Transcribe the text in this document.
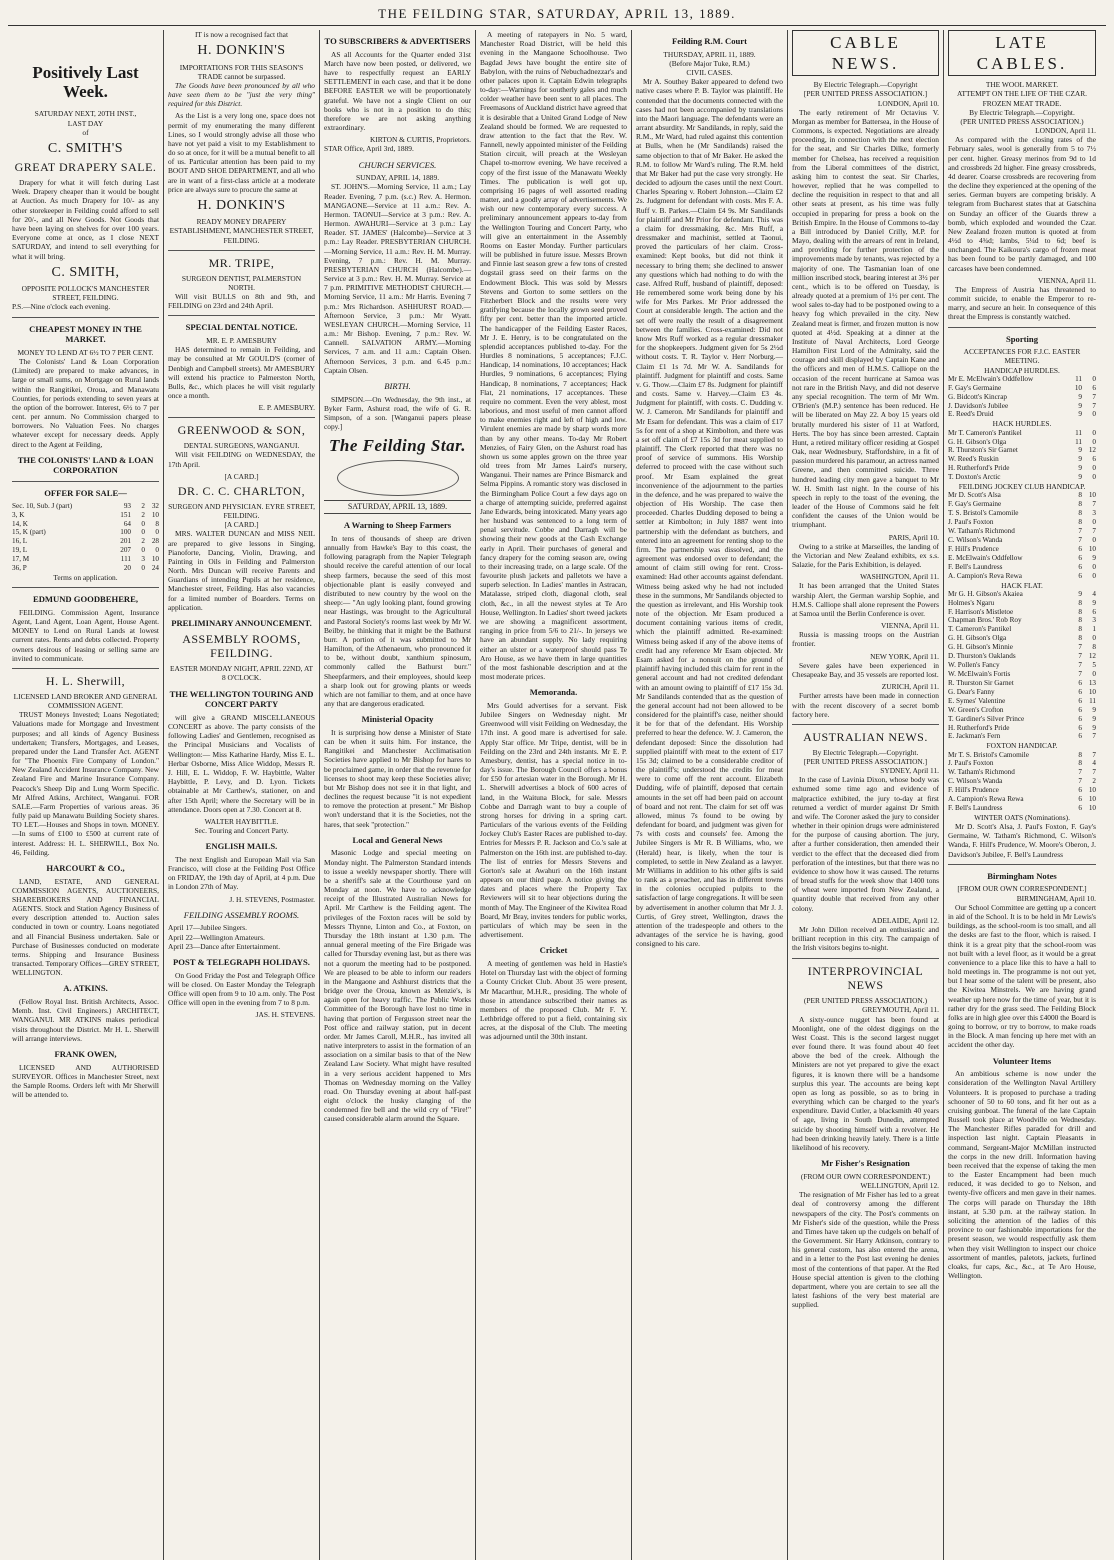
THE FEILDING STAR, SATURDAY, APRIL 13, 1889.
Positively Last Week.
SATURDAY NEXT, 20TH INST.,
LAST DAY
of
C. SMITH'S
GREAT DRAPERY SALE.

Drapery for what it will fetch during Last Week. Drapery cheaper than it would be bought at Auction. As much Drapery for 10/- as any other storekeeper in Feilding could afford to sell for 20/-, and all New Goods. Not Goods that have been laying on shelves for over 100 years. Everyone come at once, as I close NEXT SATURDAY, and intend to sell everything for what it will bring.

C. SMITH,
OPPOSITE POLLOCK'S MANCHESTER STREET, FEILDING.
P.S.—Nine o'clock each evening.
CHEAPEST MONEY IN THE MARKET.
MONEY TO LEND AT 6½ TO 7 PER CENT.

The Colonists' Land & Loan Corporation (Limited) are prepared to make advances, in large or small sums, on Mortgage on Rural lands within the Rangitikei, Oroua, and Manawatu Counties, for periods extending to seven years at the option of the borrower. Interest, 6½ to 7 per cent. per annum. No Commission charged to borrowers. No Valuation Fees. No charges whatever except for necessary deeds. Apply direct to the Agent at Feilding,

THE COLONISTS' LAND & LOAN CORPORATION
OFFER FOR SALE—
Sec. 10, Sub. J (part)	93	2	32
3, K	151	2	10
14, K	64	0	8
15, K (part)	100	0	0
16, L	201	2	28
19, L	207	0	0
17, M	111	3	10
36, P	20	0	24
Terms on application.
EDMUND GOODBEHERE,

FEILDING. Commission Agent, Insurance Agent, Land Agent, Loan Agent, House Agent. MONEY to Lend on Rural Lands at lowest current rates. Rents and debts collected. Property owners desirous of leasing or selling same are invited to communicate.

H. L. Sherwill,
LICENSED LAND BROKER AND GENERAL COMMISSION AGENT.

TRUST Moneys Invested; Loans Negotiated; Valuations made for Mortgage and Investment purposes; and all kinds of Agency Business undertaken; Transfers, Mortgages, and Leases, prepared under the Land Transfer Act. AGENT for "The Phoenix Fire Company of London." New Zealand Accident Insurance Company. New Zealand Fire and Marine Insurance Company. Peacock's Sheep Dip and Lung Worm Specific. Mr Alfred Atkins, Architect, Wanganui. FOR SALE.—Farm Properties of various areas. 36 fully paid up Manawatu Building Society shares. TO LET.—Houses and Shops in town. MONEY.—In sums of £100 to £500 at current rate of interest. Address: H. L. SHERWILL, Box No. 46, Feilding.

HARCOURT & CO.,

LAND, ESTATE, AND GENERAL COMMISSION AGENTS, AUCTIONEERS, SHAREBROKERS AND FINANCIAL AGENTS. Stock and Station Agency Business of every description attended to. Auction sales conducted in town or country. Loans negotiated and all Financial Business undertaken. Sale or Purchase of Businesses conducted on moderate terms. Shipping and Insurance Business transacted. Temporary Offices—GREY STREET, WELLINGTON.

A. ATKINS.

(Fellow Royal Inst. British Architects, Assoc. Memb. Inst. Civil Engineers.) ARCHITECT, WANGANUI. MR ATKINS makes periodical visits throughout the District. Mr H. L. Sherwill will arrange interviews.

FRANK OWEN,

LICENSED AND AUTHORISED SURVEYOR. Offices in Manchester Street, next the Sample Rooms. Orders left with Mr Sherwill will be attended to.

IT is now a recognised fact that
H. DONKIN'S
IMPORTATIONS FOR THIS SEASON'S TRADE cannot be surpassed.

The Goods have been pronounced by all who have seen them to be "just the very thing" required for this District.

As the List is a very long one, space does not permit of my enumerating the many different Lines, so I would strongly advise all those who have not yet paid a visit to my Establishment to do so at once, for it will be a mutual benefit to all of us. Particular attention has been paid to my BOOT AND SHOE DEPARTMENT, and all who are in want of a first-class article at a moderate price are always sure to procure the same at

H. DONKIN'S
READY MONEY DRAPERY ESTABLISHMENT, MANCHESTER STREET, FEILDING.
MR. TRIPE,
SURGEON DENTIST, PALMERSTON NORTH.

Will visit BULLS on 8th and 9th, and FEILDING on 23rd and 24th April.

SPECIAL DENTAL NOTICE.
MR. E. P. AMESBURY

HAS determined to remain in Feilding, and may be consulted at Mr GOULD'S (corner of Denbigh and Campbell streets). Mr AMESBURY will extend his practice to Palmerston North, Bulls, &c., which places he will visit regularly once a month.

E. P. AMESBURY.
GREENWOOD & SON,
DENTAL SURGEONS, WANGANUI.

Will visit FEILDING on WEDNESDAY, the 17th April.

[A CARD.]
DR. C. C. CHARLTON,
SURGEON AND PHYSICIAN. EYRE STREET, FEILDING.
[A CARD.]

MRS. WALTER DUNCAN and MISS NEIL are prepared to give lessons in Singing, Pianoforte, Dancing, Violin, Drawing, and Painting in Oils in Feilding and Palmerston North. Mrs Duncan will receive Parents and Guardians of intending Pupils at her residence, Manchester street, Feilding. Has also vacancies for a limited number of Boarders. Terms on application.

PRELIMINARY ANNOUNCEMENT.
ASSEMBLY ROOMS, FEILDING.
EASTER MONDAY NIGHT, APRIL 22ND, AT 8 O'CLOCK.
THE WELLINGTON TOURING AND CONCERT PARTY

will give a GRAND MISCELLANEOUS CONCERT as above. The party consists of the following Ladies' and Gentlemen, recognised as the Principal Musicians and Vocalists of Wellington:— Miss Katharine Hardy, Miss E. L. Herbar Osborne, Miss Alice Widdop, Messrs R. J. Hill, E. L. Widdop, F. W. Haybittle, Walter Haybittle, P. Levy, and D. Lyon. Tickets obtainable at Mr Carthew's, stationer, on and after 15th April; where the Secretary will be in attendance. Doors open at 7.30. Concert at 8.

WALTER HAYBITTLE.
Sec. Touring and Concert Party.
ENGLISH MAILS.

The next English and European Mail via San Francisco, will close at the Feilding Post Office on FRIDAY, the 19th day of April, at 4 p.m. Due in London 27th of May.

J. H. STEVENS, Postmaster.
FEILDING ASSEMBLY ROOMS.
April 17—Jubilee Singers.
April 22—Wellington Amateurs.
April 23—Dance after Entertainment.
POST & TELEGRAPH HOLIDAYS.

On Good Friday the Post and Telegraph Office will be closed. On Easter Monday the Telegraph Office will open from 9 to 10 a.m. only. The Post Office will open in the evening from 7 to 8 p.m.

JAS. H. STEVENS.
TO SUBSCRIBERS & ADVERTISERS

AS all Accounts for the Quarter ended 31st March have now been posted, or delivered, we have to respectfully request an EARLY SETTLEMENT in each case, and that it be done BEFORE EASTER we will be proportionately grateful. We have not a single Client on our books who is not in a position to do this; therefore we are not asking anything extraordinary.

KIRTON & CURTIS, Proprietors.
STAR Office, April 3rd, 1889.
CHURCH SERVICES.
SUNDAY, APRIL 14, 1889.

ST. JOHN'S.—Morning Service, 11 a.m.; Lay Reader. Evening, 7 p.m. (s.c.) Rev. A. Hermon. MANGAONE—Service at 11 a.m.: Rev. A. Hermon. TAONUI—Service at 3 p.m.: Rev. A. Hermon. AWAHURI—Service at 3 p.m.: Lay Reader. ST. JAMES' (Halcombe)—Service at 3 p.m.: Lay Reader. PRESBYTERIAN CHURCH.—Morning Service, 11 a.m.: Rev. H. M. Murray. Evening, 7 p.m.: Rev. H. M. Murray. PRESBYTERIAN CHURCH (Halcombe).—Service at 3 p.m.: Rev. H. M. Murray. Service at 7 p.m. PRIMITIVE METHODIST CHURCH.—Morning Service, 11 a.m.: Mr Harris. Evening 7 p.m.: Mrs Richardson. ASHHURST ROAD.—Afternoon Service, 3 p.m.: Mr Wyatt. WESLEYAN CHURCH.—Morning Service, 11 a.m.: Mr Bishop. Evening, 7 p.m.: Rev. W. Cannell. SALVATION ARMY.—Morning Services, 7 a.m. and 11 a.m.: Captain Olsen. Afternoon Services, 3 p.m. and 6.45 p.m.: Captain Olsen.

BIRTH.

SIMPSON.—On Wednesday, the 9th inst., at Byker Farm, Ashurst road, the wife of G. R. Simpson, of a son. [Wanganui papers please copy.]

The Feilding Star.
SATURDAY, APRIL 13, 1889.
A Warning to Sheep Farmers

In tens of thousands of sheep are driven annually from Hawke's Bay to this coast, the following paragraph from the Napier Telegraph should receive the careful attention of our local sheep farmers, because the seed of this most objectionable plant is easily conveyed and distributed to new country by the wool on the sheep:— "An ugly looking plant, found growing near Hastings, was brought to the Agricultural and Pastoral Society's rooms last week by Mr W. Beilby, he thinking that it might be the Bathurst burr. A portion of it was submitted to Mr Hamilton, of the Athenaeum, who pronounced it to be, without doubt, xanthium spinosum, commonly called the Bathurst burr." Sheepfarmers, and their employees, should keep a sharp look out for growing plants or weeds which are not familiar to them, and at once have any that are dangerous eradicated.

Ministerial Opacity

It is surprising how dense a Minister of State can be when it suits him. For instance, the Rangitikei and Manchester Acclimatisation Societies have applied to Mr Bishop for hares to be proclaimed game, in order that the revenue for licenses to shoot may keep these Societies alive; but Mr Bishop does not see it in that light, and declines the request because "it is not expedient to remove the protection at present." Mr Bishop won't understand that it is the Societies, not the hares, that seek "protection."

Local and General News

Masonic Lodge and special meeting on Monday night. The Palmerston Standard intends to issue a weekly newspaper shortly. There will be a sheriff's sale at the Courthouse yard on Monday at noon. We have to acknowledge receipt of the Illustrated Australian News for April. Mr Carthew is the Feilding agent. The privileges of the Foxton races will be sold by Messrs Thynne, Linton and Co., at Foxton, on Thursday the 18th instant at 1.30 p.m. The annual general meeting of the Fire Brigade was called for Thursday evening last, but as there was not a quorum the meeting had to be postponed. We are pleased to be able to inform our readers in the Mangaone and Ashhurst districts that the bridge over the Oroua, known as Menzie's, is again open for heavy traffic. The Public Works Committee of the Borough have lost no time in having that portion of Fergusson street near the Post office and railway station, put in decent order. Mr James Caroll, M.H.R., has invited all native interpreters to assist in the formation of an association on a similar basis to that of the New Zealand Law Society. What might have resulted in a very serious accident happened to Mrs Thomas on Wednesday morning on the Valley road. On Thursday evening at about half-past eight o'clock the husky clanging of the condemned fire bell and the wild cry of "Fire!" caused considerable alarm around the Square.

A meeting of ratepayers in No. 5 ward, Manchester Road District, will be held this evening in the Mangaone Schoolhouse. Two Bagdad Jews have bought the entire site of Babylon, with the ruins of Nebuchadnezzar's and other palaces upon it. Captain Edwin telegraphs to-day:—Warnings for southerly gales and much colder weather have been sent to all places. The Freemasons of Auckland district have agreed that it is desirable that a United Grand Lodge of New Zealand should be formed. We are requested to draw attention to the fact that the Rev. W. Fannell, newly appointed minister of the Feilding Station circuit, will preach at the Wesleyan Chapel to-morrow evening. We have received a copy of the first issue of the Manawatu Weekly Times. The publication is well got up, comprising 16 pages of well assorted reading matter, and a goodly array of advertisements. We wish our new contemporary every success. A preliminary announcement appears to-day from the Wellington Touring and Concert Party, who will give an entertainment in the Assembly Rooms on Easter Monday. Further particulars will be published in future issue. Messrs Brown and Finnie last season grew a few tons of crested dogstail grass seed on their farms on the Endowment Block. This was sold by Messrs Stevens and Gorton to some settlers on the Fitzherbert Block and the results were very gratifying because the locally grown seed proved fifty per cent. better than the imported article. The handicapper of the Feilding Easter Races, Mr J. E. Henry, is to be congratulated on the splendid acceptances published to-day. For the Hurdles 8 nominations, 5 acceptances; F.J.C. Handicap, 14 nominations, 10 acceptances; Hack Hurdles, 9 nominations, 6 acceptances; Flying Handicap, 8 nominations, 7 acceptances; Hack Flat, 21 nominations, 17 acceptances. These require no comment. Even the very ablest, most laborious, and most useful of men cannot afford to make enemies right and left of high and low. Virulent enemies are made by sharp words more than by any other means. To-day Mr Robert Menzies, of Fairy Glen, on the Ashurst road has shown us some apples grown on the three year old trees from Mr James Laird's nursery, Wanganui. Their names are Prince Bismarck and Selma Pippins. A romantic story was disclosed in the Birmingham Police Court a few days ago on a charge of attempting suicide, preferred against Jane Edwards, being intoxicated. Many years ago her husband was sentenced to a long term of penal servitude. Cobbe and Darragh will be showing their new goods at the Cash Exchange early in April. Their purchases of general and fancy drapery for the coming season are, owing to their increasing trade, on a large scale. Of the favourite plush jackets and palletots we have a superb selection. In Ladies' mantles in Astracan, Matalasse, striped cloth, diagonal cloth, seal cloth, &c., in all the newest styles at Te Aro House, Wellington. In Ladies' short tweed jackets we are showing a magnificent assortment, ranging in price from 5/6 to 21/-. In jerseys we have an abundant supply. No lady requiring either an ulster or a waterproof should pass Te Aro House, as we have them in large quantities of the most fashionable description and at the most moderate prices.

Memoranda.

Mrs Gould advertises for a servant. Fisk Jubilee Singers on Wednesday night. Mr Greenwood will visit Feilding on Wednesday, the 17th inst. A good mare is advertised for sale. Apply Star office. Mr Tripe, dentist, will be in Feilding on the 23rd and 24th instants. Mr E. P. Amesbury, dentist, has a special notice in to-day's issue. The Borough Council offers a bonus for £50 for artesian water in the Borough. Mr H. L. Sherwill advertises a block of 600 acres of land, in the Waituna Block, for sale. Messrs Cobbe and Darragh want to buy a couple of strong horses for driving in a spring cart. Particulars of the various events of the Feilding Jockey Club's Easter Races are published to-day. Entries for Messrs P. R. Jackson and Co.'s sale at Palmerston on the 16th inst. are published to-day. The list of entries for Messrs Stevens and Gorton's sale at Awahuri on the 16th instant appears on our third page. A notice giving the dates and places where the Property Tax Reviewers will sit to hear objections during the month of May. The Engineer of the Kiwitea Road Board, Mr Bray, invites tenders for public works, particulars of which may be seen in the advertisement.

Cricket

A meeting of gentlemen was held in Hastie's Hotel on Thursday last with the object of forming a County Cricket Club. About 35 were present, Mr Macarthur, M.H.R., presiding. The whole of those in attendance subscribed their names as members of the proposed Club. Mr F. Y. Lethbridge offered to put a field, containing six acres, at the disposal of the Club. The meeting was adjourned until the 30th instant.

Feilding R.M. Court
THURSDAY, APRIL 11, 1889.
(Before Major Tuke, R.M.)
CIVIL CASES.

Mr A. Southey Baker appeared to defend two native cases where P. B. Taylor was plaintiff. He contended that the documents connected with the cases had not been accompanied by translations into the Maori language. The defendants were an arrant absurdity. Mr Sandilands, in reply, said the R.M., Mr Ward, had ruled against this contention at Bulls, when he (Mr Sandilands) raised the same objection to that of Mr Baker. He asked the R.M. to follow Mr Ward's ruling. The R.M. held that Mr Baker had put the case very strongly. He decided to adjourn the cases until the next Court. Charles Spearing v. Robert Johnston.—Claim £2 2s. Judgment for defendant with costs. Mrs F. A. Ruff v. B. Parkes.—Claim £4 9s. Mr Sandilands for plaintiff and Mr Prior for defendant. This was a claim for dressmaking, &c. Mrs Ruff, a dressmaker and machinist, settled at Taonui, proved the particulars of her claim. Cross-examined: Kept books, but did not think it necessary to bring them; she declined to answer any questions which had nothing to do with the case. Alfred Ruff, husband of plaintiff, deposed: He remembered some work being done by his wife for Mrs Parkes. Mr Prior addressed the Court at considerable length. The action and the set off were really the result of a disagreement between the families. Cross-examined: Did not know Mrs Ruff worked as a regular dressmaker for the shopkeepers. Judgment given for 5s 2½d without costs. T. R. Taylor v. Herr Norburg.—Claim £1 1s 7d. Mr W. A. Sandilands for plaintiff. Judgment for plaintiff and costs. Same v. G. Thow.—Claim £7 8s. Judgment for plaintiff and costs. Same v. Harvey.—Claim £3 4s. Judgment for plaintiff, with costs. C. Dudding v. W. J. Cameron. Mr Sandilands for plaintiff and Mr Esam for defendant. This was a claim of £17 5s for rent of a shop at Kimbolton, and there was a set off claim of £7 15s 3d for meat supplied to plaintiff. The Clerk reported that there was no proof of service of summons. His Worship deferred to proceed with the case without such proof. Mr Esam explained the great inconvenience of the adjournment to the parties in the defence, and he was prepared to waive the objection of His Worship. The case then proceeded. Charles Dudding deposed to being a settler at Kimbolton; in July 1887 went into partnership with the defendant as butchers, and entered into an agreement for renting shop to the firm. The partnership was dissolved, and the agreement was endorsed over to defendant; the amount of claim still owing for rent. Cross-examined: Had other accounts against defendant. Witness being asked why he had not included these in the summons, Mr Sandilands objected to the question as irrelevant, and His Worship took note of the objection. Mr Esam produced a document containing various items of credit, which the plaintiff admitted. Re-examined: Witness being asked if any of the above items of credit had any reference Mr Esam objected. Mr Esam asked for a nonsuit on the ground of plaintiff having included this claim for rent in the general account and had not credited defendant with an amount owing to plaintiff of £17 15s 3d. Mr Sandilands contended that as the question of the general account had not been allowed to be considered for the plaintiff's case, neither should it be for that of the defendant. His Worship preferred to hear the defence. W. J. Cameron, the defendant deposed: Since the dissolution had supplied plaintiff with meat to the extent of £17 15s 3d; claimed to be a considerable creditor of the plaintiff's; understood the credits for meat were to come off the rent account. Elizabeth Dudding, wife of plaintiff, deposed that certain amounts in the set off had been paid on account of board and not rent. The claim for set off was allowed, minus 7s found to be owing by defendant for board, and judgment was given for 7s with costs and counsels' fee. Among the Jubilee Singers is Mr R. B Williams, who, we (Herald) hear, is likely, when the tour is completed, to settle in New Zealand as a lawyer. Mr Williams in addition to his other gifts is said to rank as a preacher, and has in different towns in the colonies occupied pulpits to the satisfaction of large congregations. It will be seen by advertisement in another column that Mr J. J. Curtis, of Grey street, Wellington, draws the attention of the tradespeople and others to the advantages of the service he is having, good consigned to his care.

CABLE NEWS.
By Electric Telegraph.—Copyright
[PER UNITED PRESS ASSOCIATION.]
LONDON, April 10.

The early retirement of Mr Octavius V. Morgan as member for Battersea, in the House of Commons, is expected. Negotiations are already proceeding, in connection with the next election for the seat, and Sir Charles Dilke, formerly member for Chelsea, has received a requisition from the Liberal committees of the district, asking him to contest the seat. Sir Charles, however, replied that he was compelled to decline the requisition in respect to that and all other seats at present, as his time was fully occupied in preparing for press a book on the British Empire. In the House of Commons to-day a Bill introduced by Daniel Crilly, M.P. for Mayo, dealing with the arrears of rent in Ireland, and providing for further protection of the improvements made by tenants, was rejected by a majority of one. The Tasmanian loan of one million inscribed stock, bearing interest at 3½ per cent., which is to be offered on Tuesday, is already quoted at a premium of 1½ per cent. The wool sales to-day had to be postponed owing to a heavy fog which prevailed in the city. New Zealand meat is firmer, and frozen mutton is now quoted at 4½d. Speaking at a dinner at the Institute of Naval Architects, Lord George Hamilton First Lord of the Admiralty, said the courage and skill displayed by Captain Kane and the officers and men of H.M.S. Calliope on the occasion of the recent hurricane at Samoa was not rare in the British Navy, and did not deserve any special recognition. The term of Mr Wm. O'Brien's (M.P.) sentence has been reduced. He will be liberated on May 22. A boy 15 years old brutally murdered his sister of 11 at Watford, Herts. The boy has since been arrested. Captain Hunt, a retired military officer residing at Gospel Oak, near Wednesbury, Staffordshire, in a fit of passion murdered his paramour, an actress named Greene, and then committed suicide. Three hundred leading city men gave a banquet to Mr W. H. Smith last night. In the course of his speech in reply to the toast of the evening, the leader of the House of Commons said he felt confident the causes of the Union would be triumphant.

PARIS, April 10.

Owing to a strike at Marseilles, the landing of the Victorian and New Zealand exhibits, ex s.s. Salazie, for the Paris Exhibition, is delayed.

WASHINGTON, April 11.

It has been arranged that the United States warship Alert, the German warship Sophie, and H.M.S. Calliope shall alone represent the Powers at Samoa until the Berlin Conference is over.

VIENNA, April 11.

Russia is massing troops on the Austrian frontier.

NEW YORK, April 11.

Severe gales have been experienced in Chesapeake Bay, and 35 vessels are reported lost.

ZURICH, April 11.

Further arrests have been made in connection with the recent discovery of a secret bomb factory here.

AUSTRALIAN NEWS.
By Electric Telegraph.—Copyright.
[PER UNITED PRESS ASSOCIATION.]
SYDNEY, April 11.

In the case of Lavinia Dixon, whose body was exhumed some time ago and evidence of malpractice exhibited, the jury to-day at first returned a verdict of murder against Dr Smith and wife. The Coroner asked the jury to consider whether in their opinion drugs were administered for the purpose of causing abortion. The jury, after a further consideration, then amended their verdict to the effect that the deceased died from perforation of the intestines, but that there was no evidence to show how it was caused. The returns of bread stuffs for the week show that 1400 tons of wheat were imported from New Zealand, a quantity double that received from any other colony.

ADELAIDE, April 12.

Mr John Dillon received an enthusiastic and brilliant reception in this city. The campaign of the Irish visitors begins to-night.

INTERPROVINCIAL NEWS
(PER UNITED PRESS ASSOCIATION.)
GREYMOUTH, April 11.

A sixty-ounce nugget has been found at Moonlight, one of the oldest diggings on the West Coast. This is the second largest nugget ever found there. It was found about 40 feet above the bed of the creek. Although the Ministers are not yet prepared to give the exact figures, it is known there will be a handsome surplus this year. The accounts are being kept open as long as possible, so as to bring in everything which can be charged to the year's expenditure. David Cutler, a blacksmith 40 years of age, living in South Dunedin, attempted suicide by shooting himself with a revolver. He had been drinking heavily lately. There is a little likelihood of his recovery.

Mr Fisher's Resignation
(FROM OUR OWN CORRESPONDENT.)
WELLINGTON, April 12.

The resignation of Mr Fisher has led to a great deal of controversy among the different newspapers of the city. The Post's comments on Mr Fisher's side of the question, while the Press and Times have taken up the cudgels on behalf of the Government. Sir Harry Atkinson, contrary to his general custom, has also entered the arena, and in a letter to the Post last evening he denies most of the contentions of that paper. At the Red House special attention is given to the clothing department, where you are certain to see all the latest fashions of the very best material are supplied.

LATE CABLES.
THE WOOL MARKET.
ATTEMPT ON THE LIFE OF THE CZAR.
FROZEN MEAT TRADE.
By Electric Telegraph.—Copyright.
(PER UNITED PRESS ASSOCIATION.)
LONDON, April 11.

As compared with the closing rates of the February sales, wool is generally from 5 to 7½ per cent. higher. Greasy merinos from 9d to 1d and crossbreds 2d higher. Fine greasy crossbreds, 4d dearer. Coarse crossbreds are recovering from the decline they experienced at the opening of the series. German buyers are competing briskly. A telegram from Bucharest states that at Gatschina on Sunday an officer of the Guards threw a bomb, which exploded and wounded the Czar. New Zealand frozen mutton is quoted at from 4½d to 4¾d; lambs, 5¼d to 6d; beef is unchanged. The Kaikoura's cargo of frozen meat has been found to be partly damaged, and 100 carcases have been condemned.

VIENNA, April 11.

The Empress of Austria has threatened to commit suicide, to enable the Emperor to re-marry, and secure an heir. In consequence of this threat the Empress is constantly watched.

Sporting
ACCEPTANCES FOR F.J.C. EASTER MEETING.
HANDICAP HURDLES.
Mr E. McElwain's Oddfellow	11	0
F. Gay's Germaine	10	6
G. Bidcott's Kincrap	9	7
J. Davidson's Jubilee	9	7
E. Reed's Druid	9	0
HACK HURDLES.
Mr T. Cameron's Pantikel	11	0
G. H. Gibson's Olga	11	0
R. Thurston's Sir Garnet	9	12
W. Reed's Ruskin	9	6
H. Rutherford's Pride	9	0
T. Doxton's Arctic	9	0
FEILDING JOCKEY CLUB HANDICAP.
Mr D. Scott's Alsa	8	10
F. Gay's Germaine	8	7
T. S. Bristol's Camomile	8	3
J. Paul's Foxton	8	0
W. Tatham's Richmond	7	7
C. Wilson's Wanda	7	0
F. Hill's Prudence	6	10
E. McElwain's Oddfellow	6	9
F. Bell's Laundress	6	0
A. Campion's Reva Rewa	6	0
HACK FLAT.
Mr G. H. Gibson's Akaiea	9	4
Holmes's Ngaru	8	9
F. Harrison's Mistletoe	8	6
Chapman Bros.' Rob Roy	8	3
T. Cameron's Pantikel	8	1
G. H. Gibson's Olga	8	0
G. H. Gibson's Minnie	7	8
D. Thurston's Oaklands	7	12
W. Pollen's Fancy	7	5
W. McElwain's Fortis	7	0
R. Thurston Sir Garnet	6	13
G. Dear's Fanny	6	10
E. Symes' Valentine	6	11
W. Green's Crofton	6	9
T. Gardiner's Silver Prince	6	9
H. Rutherford's Pride	6	9
E. Jackman's Fern	6	7
FOXTON HANDICAP.
Mr T. S. Bristol's Camomile	8	7
J. Paul's Foxton	8	4
W. Tatham's Richmond	7	7
C. Wilson's Wanda	7	2
F. Hill's Prudence	6	10
A. Campion's Rewa Rewa	6	10
F. Bell's Laundress	6	10
WINTER OATS (Nominations).

Mr D. Scott's Alsa, J. Paul's Foxton, F. Gay's Germaine, W. Tatham's Richmond, C. Wilson's Wanda, F. Hill's Prudence, W. Moore's Oberon, J. Davidson's Jubilee, F. Bell's Laundress

Birmingham Notes
[FROM OUR OWN CORRESPONDENT.]
BIRMINGHAM, April 10.

Our School Committee are getting up a concert in aid of the School. It is to be held in Mr Lewis's buildings, as the school-room is too small, and all the desks are fast to the floor, which is raised. I think it is a great pity that the school-room was not built with a level floor, as it would be a great convenience to a place like this to have a hall to hold meetings in. The programme is not out yet, but I hear some of the talent will be present, also the Kiwitea Minstrels. We are having grand weather up here now for the time of year, but it is rather dry for the grass seed. The Feilding Block folks are in high glee over this £4000 the Board is going to borrow, or try to borrow, to make roads in the Block. A man fencing up here met with an accident the other day.

Volunteer Items

An ambitious scheme is now under the consideration of the Wellington Naval Artillery Volunteers. It is proposed to purchase a trading schooner of 50 to 60 tons, and fit her out as a cruising gunboat. The funeral of the late Captain Russell took place at Woodville on Wednesday. The Manchester Rifles paraded for drill and inspection last night. Captain Pleasants in command, Sergeant-Major McMillan instructed the corps in the new drill. Information having been received that the expense of taking the men to the Easter Encampment had been much reduced, it was decided to go to Nelson, and twenty-five officers and men gave in their names. The corps will parade on Thursday the 18th instant, at 5.30 p.m. at the railway station. In soliciting the attention of the ladies of this province to our fashionable importations for the present season, we would respectfully ask them when they visit Wellington to inspect our choice assortment of mantles, paletots, jackets, furlined cloaks, fur caps, &c., &c., at Te Aro House, Wellington.
